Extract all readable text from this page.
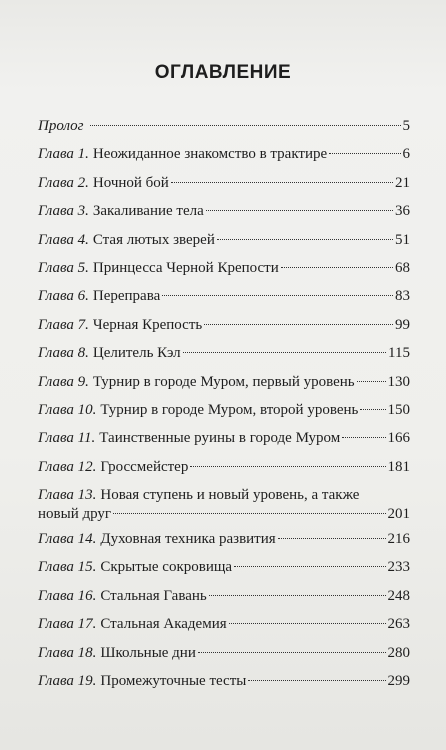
ОГЛАВЛЕНИЕ
Пролог	5
Глава 1. Неожиданное знакомство в трактире	6
Глава 2. Ночной бой	21
Глава 3. Закаливание тела	36
Глава 4. Стая лютых зверей	51
Глава 5. Принцесса Черной Крепости	68
Глава 6. Переправа	83
Глава 7. Черная Крепость	99
Глава 8. Целитель Кэл	115
Глава 9. Турнир в городе Муром, первый уровень 130
Глава 10. Турнир в городе Муром, второй уровень 150
Глава 11. Таинственные руины в городе Муром	166
Глава 12. Гроссмейстер	181
Глава 13. Новая ступень и новый уровень, а также
новый друг	201
Глава 14. Духовная техника развития	216
Глава 15. Скрытые сокровища	233
Глава 16. Стальная Гавань	248
Глава 17. Стальная Академия	263
Глава 18. Школьные дни	280
Глава 19. Промежуточные тесты	299
